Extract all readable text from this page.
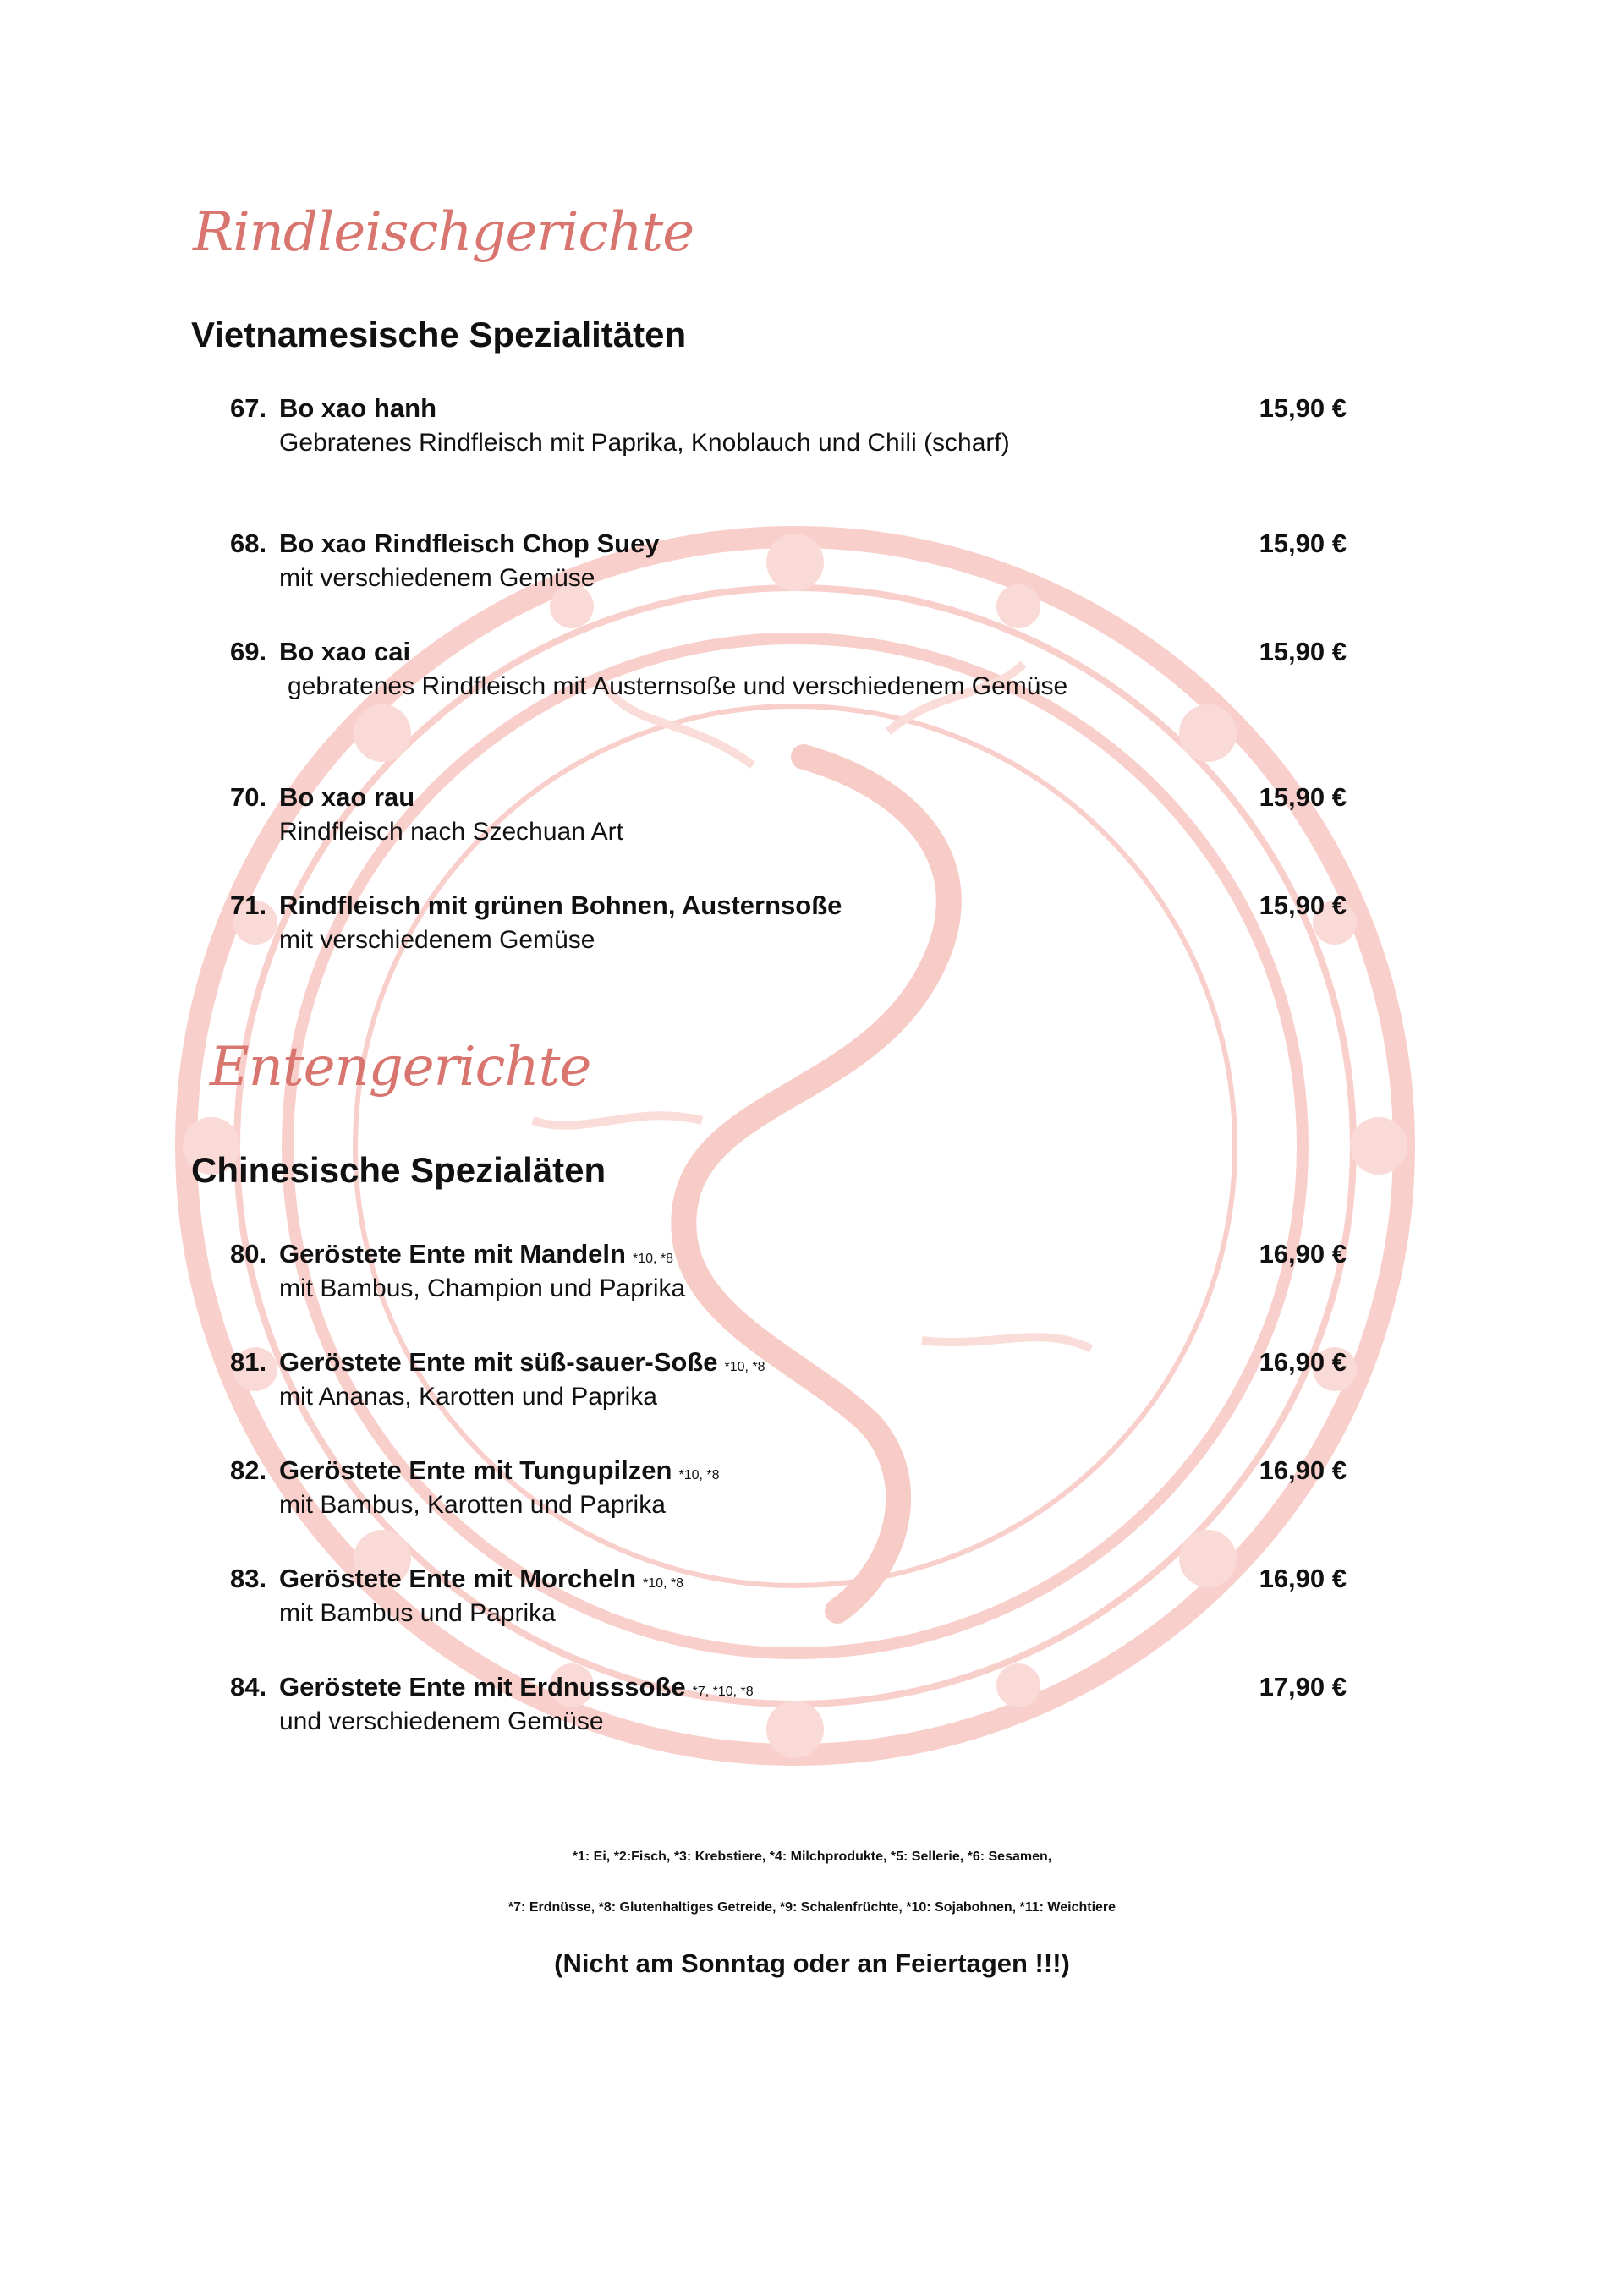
Rindleischgerichte
Vietnamesische Spezialitäten
67. Bo xao hanh
Gebratenes Rindfleisch mit Paprika, Knoblauch und Chili (scharf)
15,90 €
68. Bo xao Rindfleisch Chop Suey
mit verschiedenem Gemüse
15,90 €
69. Bo xao cai
gebratenes Rindfleisch mit Austernsoße und verschiedenem Gemüse
15,90 €
70. Bo xao rau
Rindfleisch nach Szechuan Art
15,90 €
71. Rindfleisch mit grünen Bohnen, Austernsoße
mit verschiedenem Gemüse
15,90 €
Entengerichte
Chinesische Spezialäten
80. Geröstete Ente mit Mandeln *10, *8
mit Bambus, Champion und Paprika
16,90 €
81. Geröstete Ente mit süß-sauer-Soße *10, *8
mit Ananas, Karotten und Paprika
16,90 €
82. Geröstete Ente mit Tungupilzen *10, *8
mit Bambus, Karotten und Paprika
16,90 €
83. Geröstete Ente mit Morcheln *10, *8
mit Bambus und Paprika
16,90 €
84. Geröstete Ente mit Erdnusssoße *7, *10, *8
und verschiedenem Gemüse
17,90 €
*1: Ei, *2:Fisch, *3: Krebstiere, *4: Milchprodukte, *5: Sellerie, *6: Sesamen,
*7: Erdnüsse, *8: Glutenhaltiges Getreide, *9: Schalenfrüchte, *10: Sojabohnen, *11: Weichtiere
(Nicht am Sonntag oder an Feiertagen !!!)
